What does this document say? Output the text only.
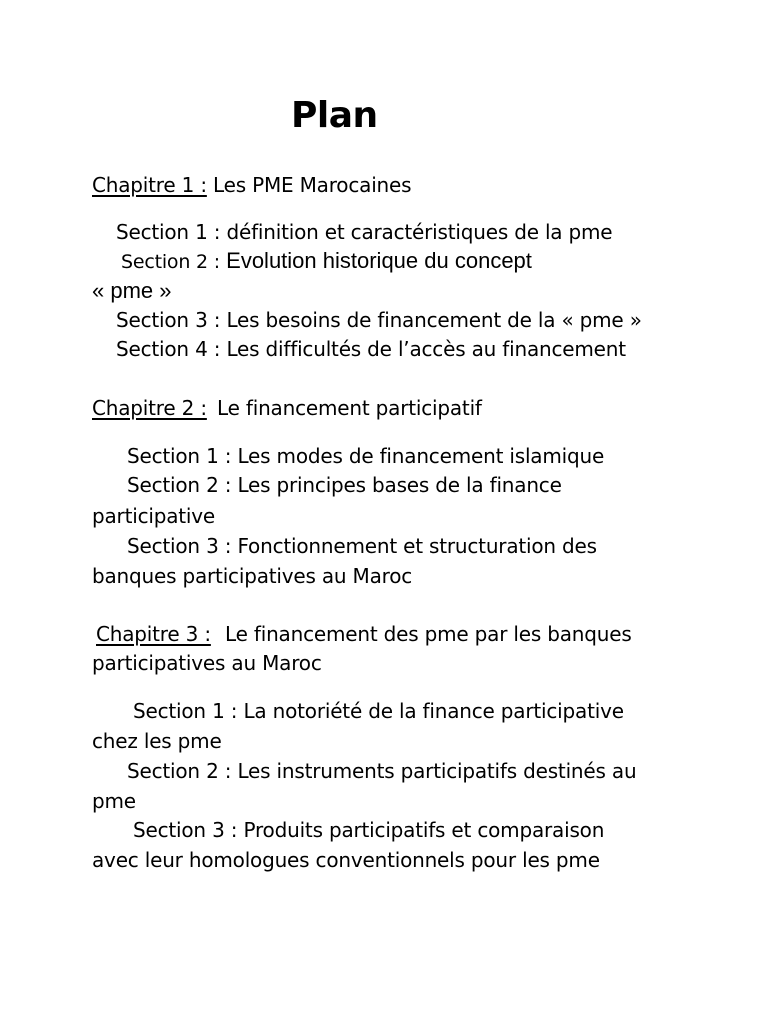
Plan
Chapitre 1 : Les PME Marocaines
Section 1 : définition et caractéristiques de la pme
Section 2 : Evolution historique du concept
« pme »
Section 3 : Les besoins de financement de la « pme »
Section 4 : Les difficultés de l’accès au financement
Chapitre 2 : Le financement participatif
Section 1 : Les modes de financement islamique
Section 2 : Les principes bases de la finance
participative
Section 3 : Fonctionnement et structuration des
banques participatives au Maroc
Chapitre 3 : Le financement des pme par les banques
participatives au Maroc
Section 1 : La notoriété de la finance participative
chez les pme
Section 2 : Les instruments participatifs destinés au
pme
Section 3 : Produits participatifs et comparaison
avec leur homologues conventionnels pour les pme
